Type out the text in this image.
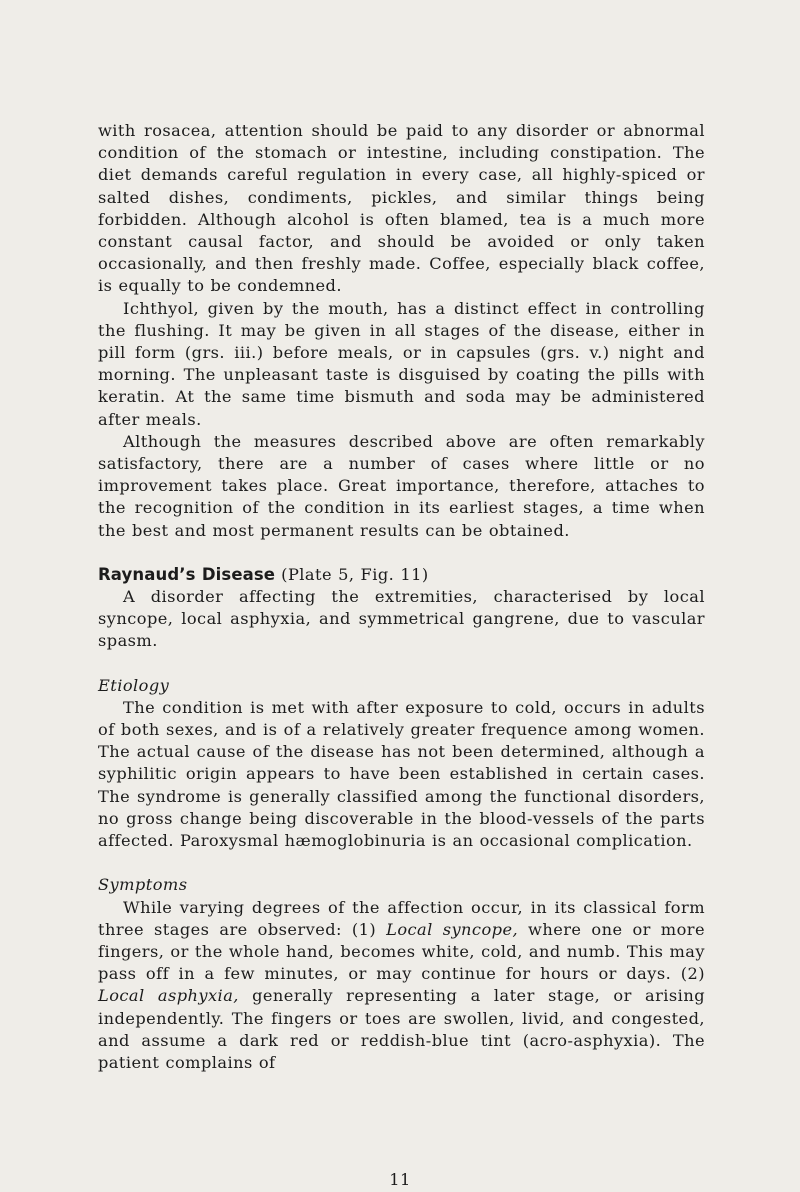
with rosacea, attention should be paid to any disorder or abnormal condition of the stomach or intestine, including constipation. The diet demands careful regulation in every case, all highly-spiced or salted dishes, condiments, pickles, and similar things being forbidden. Although alcohol is often blamed, tea is a much more constant causal factor, and should be avoided or only taken occasionally, and then freshly made. Coffee, especially black coffee, is equally to be condemned.

Ichthyol, given by the mouth, has a distinct effect in controlling the flushing. It may be given in all stages of the disease, either in pill form (grs. iii.) before meals, or in capsules (grs. v.) night and morning. The unpleasant taste is disguised by coating the pills with keratin. At the same time bismuth and soda may be administered after meals.

Although the measures described above are often remarkably satisfactory, there are a number of cases where little or no improvement takes place. Great importance, therefore, attaches to the recognition of the condition in its earliest stages, a time when the best and most permanent results can be obtained.

Raynaud’s Disease (Plate 5, Fig. 11)

A disorder affecting the extremities, characterised by local syncope, local asphyxia, and symmetrical gangrene, due to vascular spasm.

Etiology

The condition is met with after exposure to cold, occurs in adults of both sexes, and is of a relatively greater frequence among women. The actual cause of the disease has not been determined, although a syphilitic origin appears to have been established in certain cases. The syndrome is generally classified among the functional disorders, no gross change being discoverable in the blood-vessels of the parts affected. Paroxysmal hæmoglobinuria is an occasional complication.

Symptoms

While varying degrees of the affection occur, in its classical form three stages are observed: (1) Local syncope, where one or more fingers, or the whole hand, becomes white, cold, and numb. This may pass off in a few minutes, or may continue for hours or days. (2) Local asphyxia, generally representing a later stage, or arising independently. The fingers or toes are swollen, livid, and congested, and assume a dark red or reddish-blue tint (acro-asphyxia). The patient complains of

11
